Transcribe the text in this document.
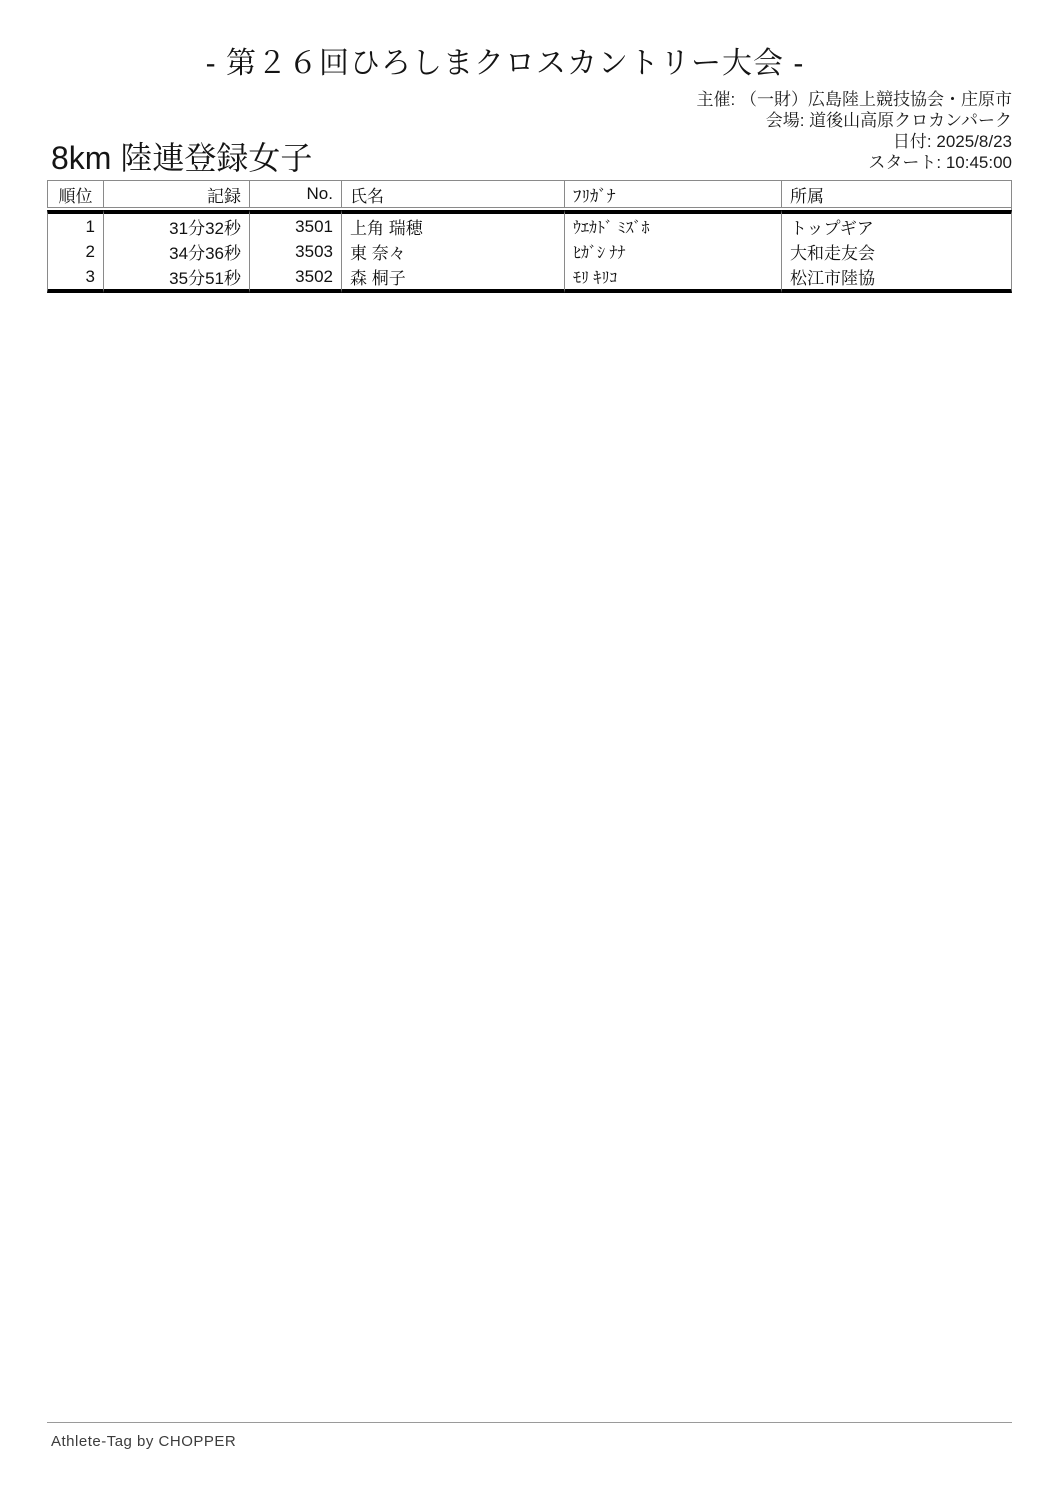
- 第２６回ひろしまクロスカントリー大会 -
主催: （一財）広島陸上競技協会・庄原市
会場: 道後山高原クロカンパーク
日付: 2025/8/23
スタート: 10:45:00
8km 陸連登録女子
順位	記録	No.	氏名	ﾌﾘｶﾞﾅ	所属

1	31分32秒	3501	上角 瑞穂	ｳｴｶﾄﾞ ﾐｽﾞﾎ	トップギア
2	34分36秒	3503	東 奈々	ﾋｶﾞｼ ﾅﾅ	大和走友会
3	35分51秒	3502	森 桐子	ﾓﾘ ｷﾘｺ	松江市陸協
Athlete-Tag by CHOPPER
